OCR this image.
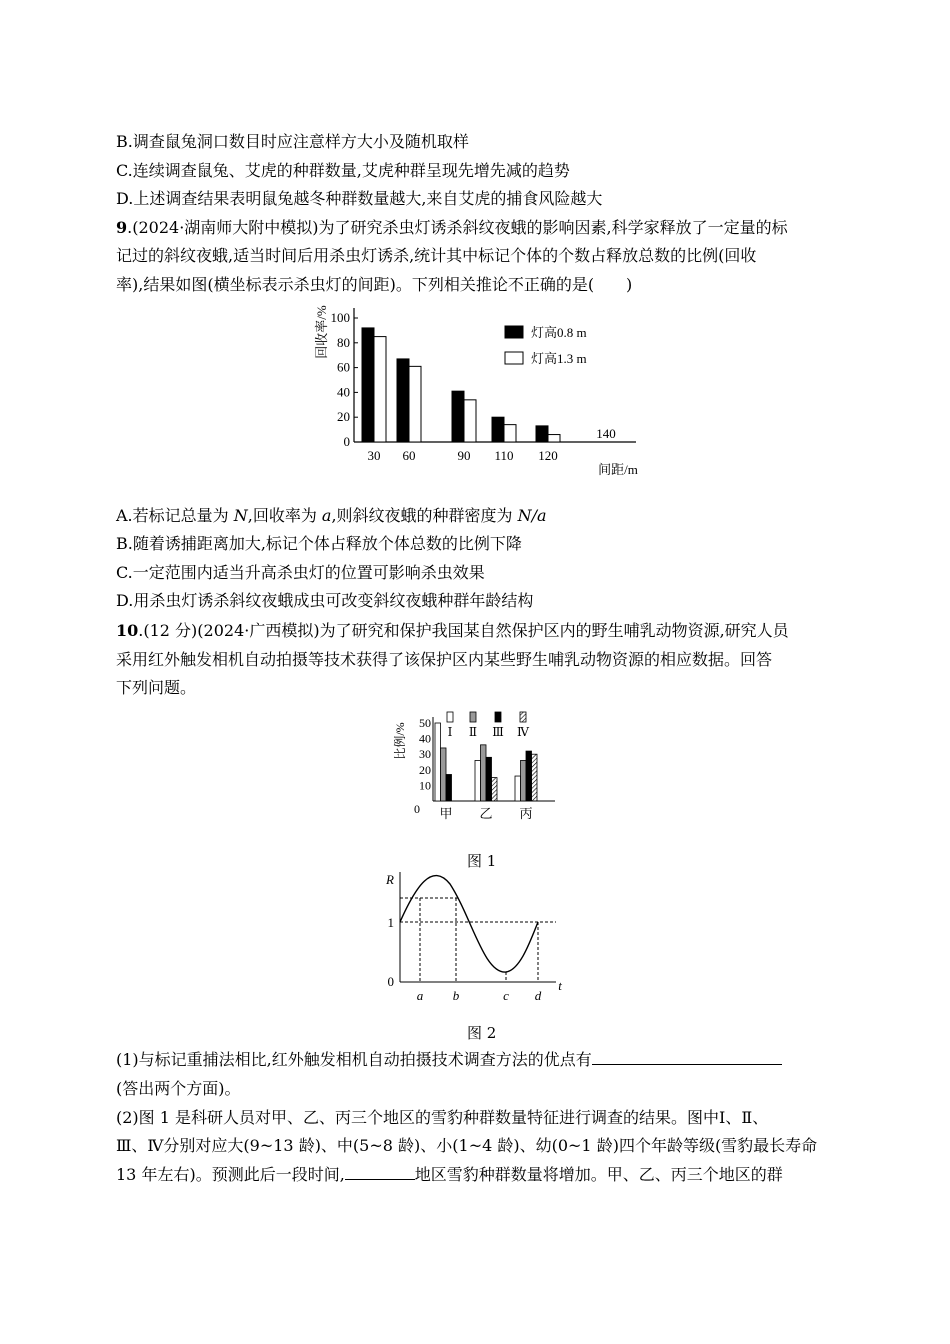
B.调查鼠兔洞口数目时应注意样方大小及随机取样
C.连续调查鼠兔、艾虎的种群数量,艾虎种群呈现先增先减的趋势
D.上述调查结果表明鼠兔越冬种群数量越大,来自艾虎的捕食风险越大
9.(2024·湖南师大附中模拟)为了研究杀虫灯诱杀斜纹夜蛾的影响因素,科学家释放了一定量的标
记过的斜纹夜蛾,适当时间后用杀虫灯诱杀,统计其中标记个体的个数占释放总数的比例(回收
率),结果如图(横坐标表示杀虫灯的间距)。下列相关推论不正确的是(　　)
0
20
40
60
80
100
回收率/%
30 60	90 110 120
140
间距/m
灯高0.8 m
灯高1.3 m
A.若标记总量为 N,回收率为 a,则斜纹夜蛾的种群密度为 N/a
B.随着诱捕距离加大,标记个体占释放个体总数的比例下降
C.一定范围内适当升高杀虫灯的位置可影响杀虫效果
D.用杀虫灯诱杀斜纹夜蛾成虫可改变斜纹夜蛾种群年龄结构
10.(12 分)(2024·广西模拟)为了研究和保护我国某自然保护区内的野生哺乳动物资源,研究人员
采用红外触发相机自动拍摄等技术获得了该保护区内某些野生哺乳动物资源的相应数据。回答
下列问题。
0
10
20
30
40
50
比例/%
甲 乙 丙
Ⅰ Ⅱ Ⅲ Ⅳ
图 1
R
t
0
1
a b	c d
图 2
(1)与标记重捕法相比,红外触发相机自动拍摄技术调查方法的优点有
(答出两个方面)。
(2)图 1 是科研人员对甲、乙、丙三个地区的雪豹种群数量特征进行调查的结果。图中Ⅰ、Ⅱ、
Ⅲ、Ⅳ分别对应大(9~13 龄)、中(5~8 龄)、小(1~4 龄)、幼(0~1 龄)四个年龄等级(雪豹最长寿命
13 年左右)。预测此后一段时间,	地区雪豹种群数量将增加。甲、乙、丙三个地区的群
